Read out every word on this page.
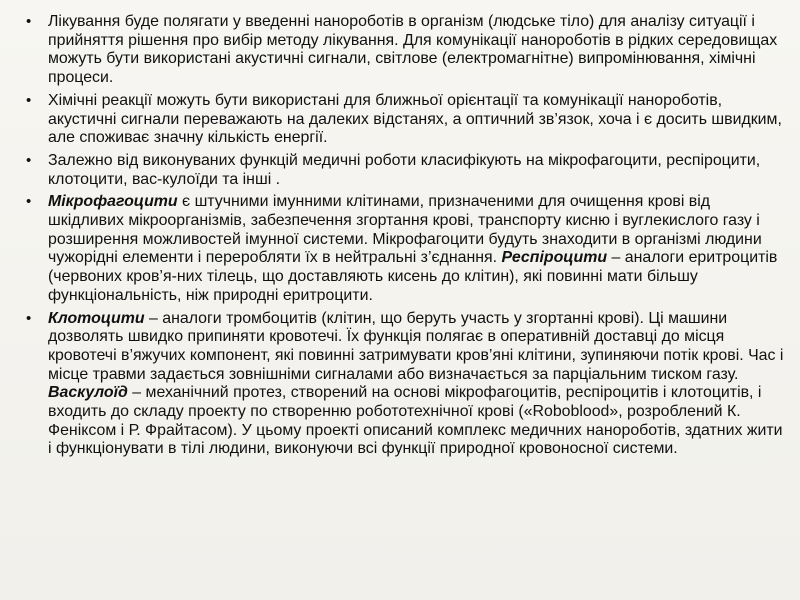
• Лікування буде полягати у введенні нанороботів в організм (людське тіло) для аналізу ситуації і прийняття рішення про вибір методу лікування. Для комунікації нанороботів в рідких середовищах можуть бути використані акустичні сигнали, світлове (електромагнітне) випромінювання, хімічні процеси.
• Хімічні реакції можуть бути використані для ближньої орієнтації та комунікації нанороботів, акустичні сигнали переважають на далеких відстанях, а оптичний зв’язок, хоча і є досить швидким, але споживає значну кількість енергії.
• Залежно від виконуваних функцій медичні роботи класифікують на мікрофагоцити, респіроцити, клотоцити, вас-кулоїди та інші .
• Мікрофагоцити є штучними імунними клітинами, призначеними для очищення крові від шкідливих мікроорганізмів, забезпечення згортання крові, транспорту кисню і вуглекислого газу і розширення можливостей імунної системи. Мікрофагоцити будуть знаходити в організмі людини чужорідні елементи і переробляти їх в нейтральні з’єднання. Респіроцити – аналоги еритроцитів (червоних кров’я-них тілець, що доставляють кисень до клітин), які повинні мати більшу функціональність, ніж природні еритроцити.
• Клотоцити – аналоги тромбоцитів (клітин, що беруть участь у згортанні крові). Ці машини дозволять швидко припиняти кровотечі. Їх функція полягає в оперативній доставці до місця кровотечі в’яжучих компонент, які повинні затримувати кров’яні клітини, зупиняючи потік крові. Час і місце травми задається зовнішніми сигналами або визначається за парціальним тиском газу. Васкулоїд – механічний протез, створений на основі мікрофагоцитів, респіроцитів і клотоцитів, і входить до складу проекту по створенню робототехнічної крові («Roboblood», розроблений К. Феніксом і Р. Фрайтасом). У цьому проекті описаний комплекс медичних нанороботів, здатних жити і функціонувати в тілі людини, виконуючи всі функції природної кровоносної системи.
